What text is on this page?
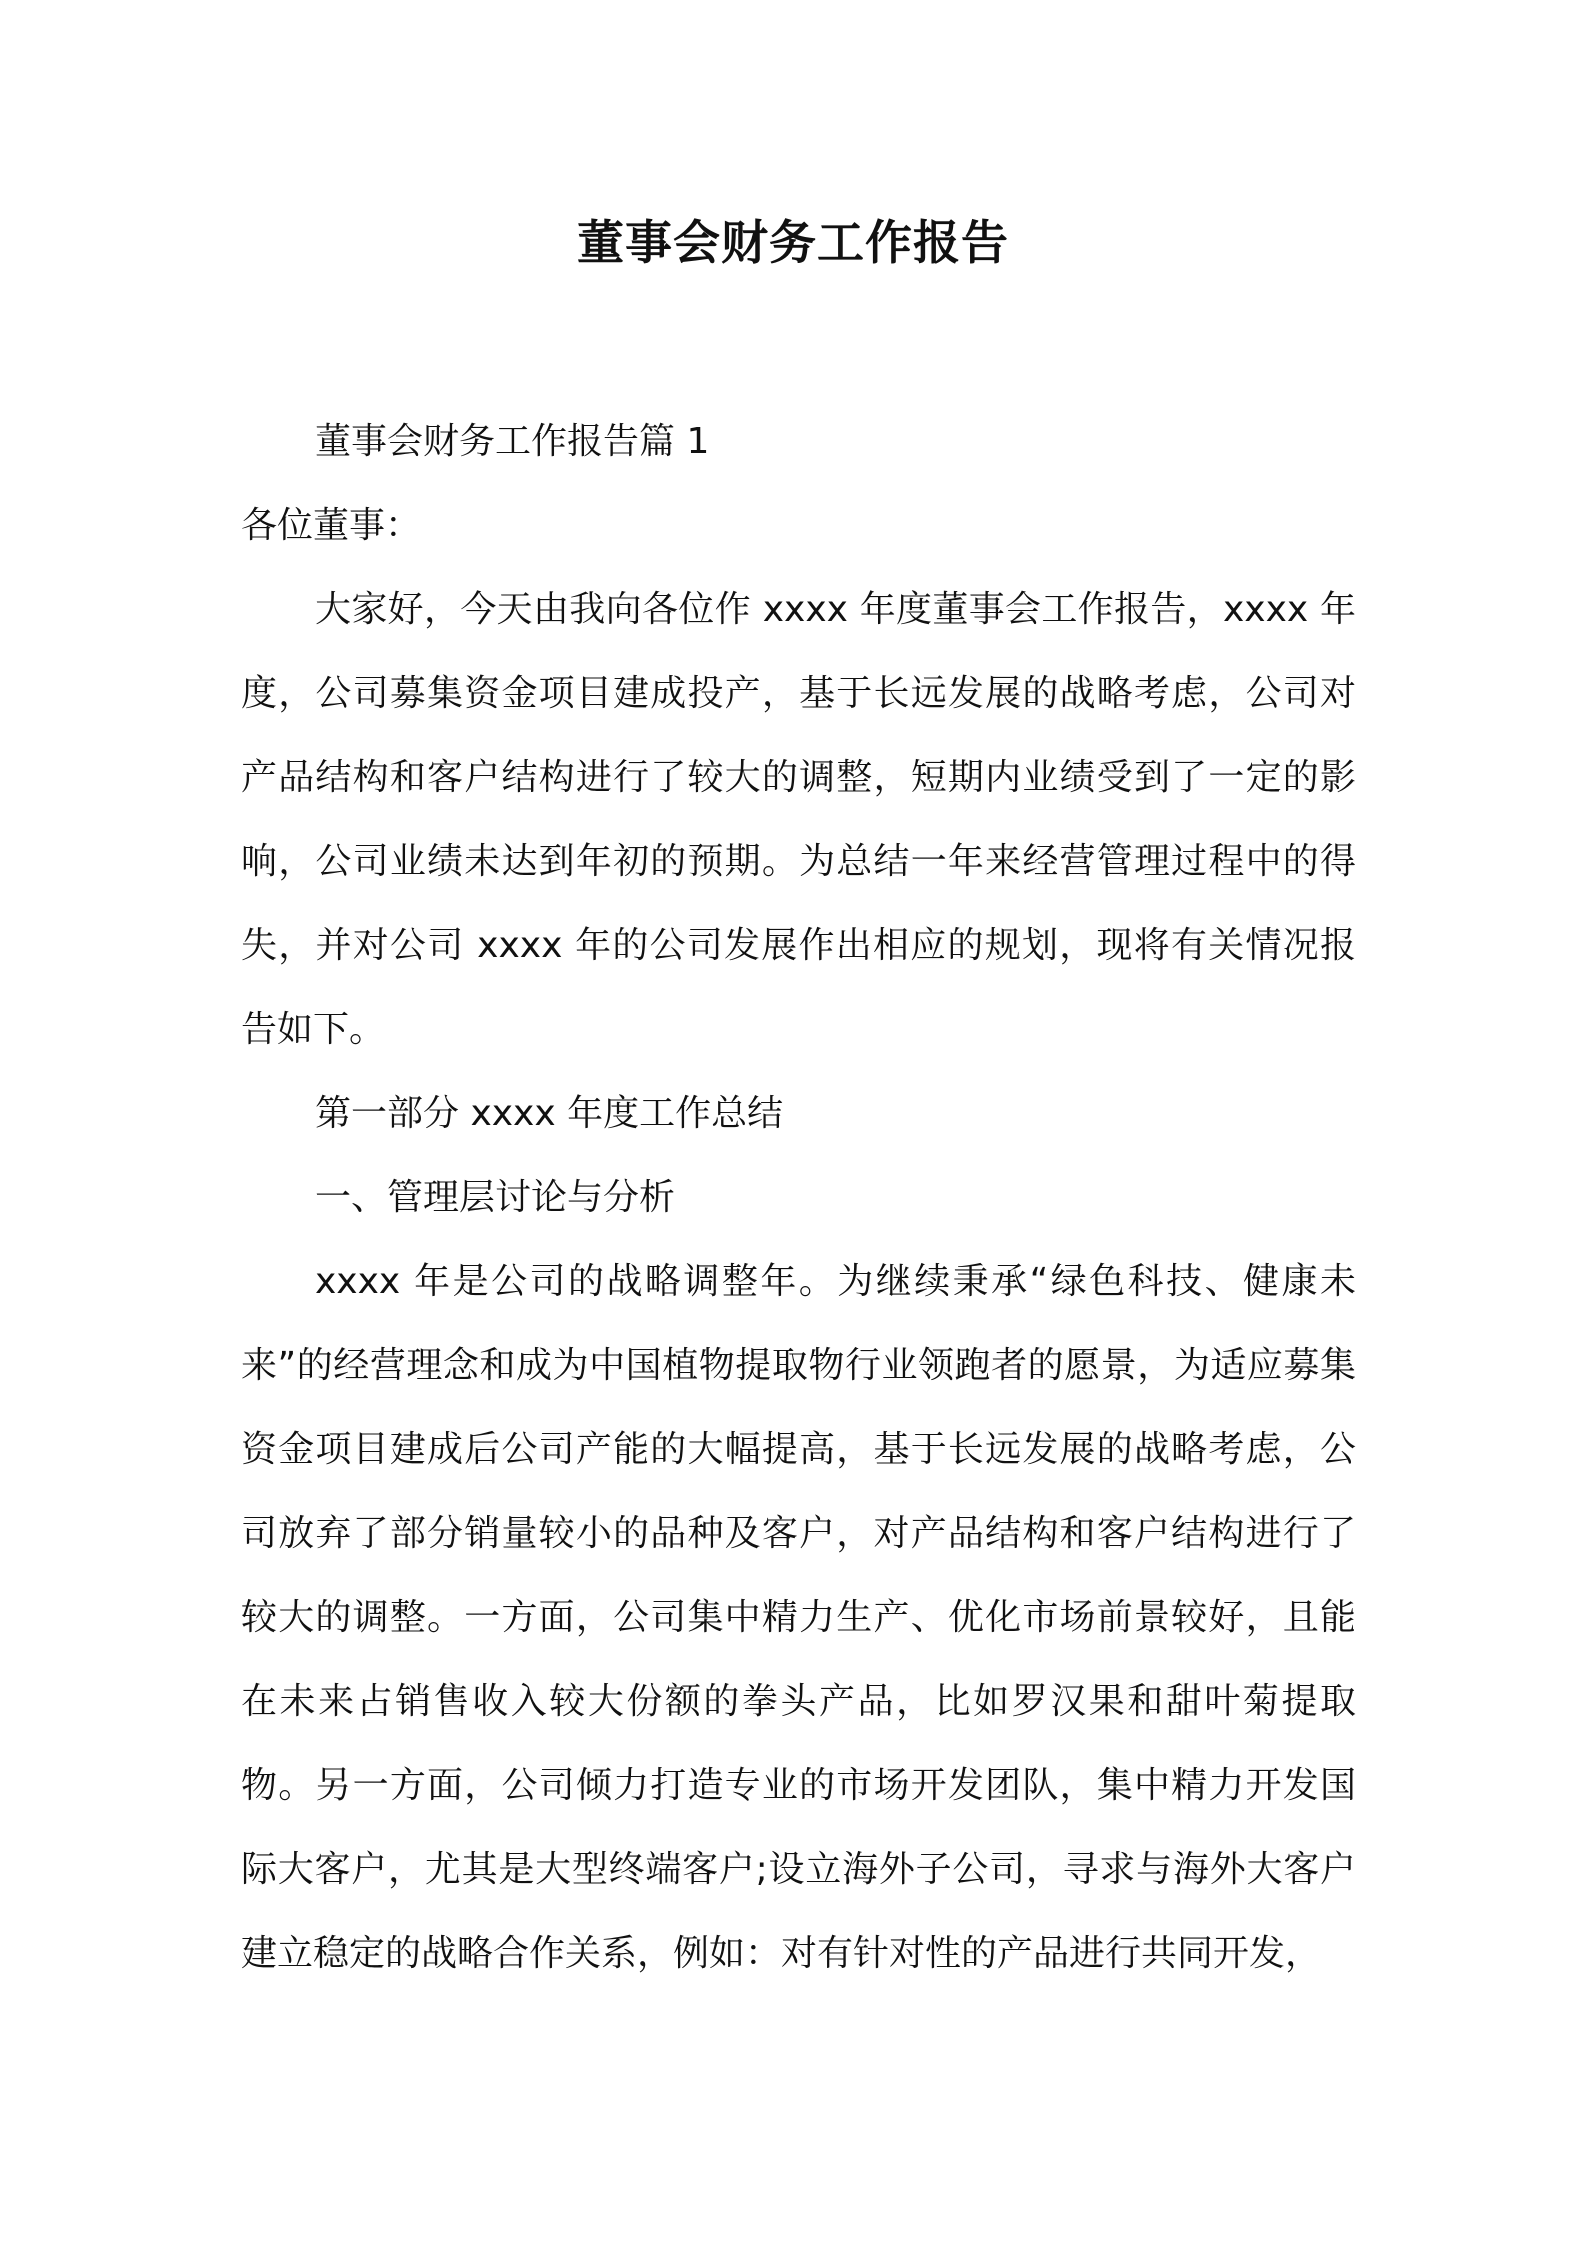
董事会财务工作报告

董事会财务工作报告篇 1

各位董事：

大家好，今天由我向各位作 xxxx 年度董事会工作报告，xxxx 年度，公司募集资金项目建成投产，基于长远发展的战略考虑，公司对产品结构和客户结构进行了较大的调整，短期内业绩受到了一定的影响，公司业绩未达到年初的预期。为总结一年来经营管理过程中的得失，并对公司 xxxx 年的公司发展作出相应的规划，现将有关情况报告如下。

第一部分 xxxx 年度工作总结

一、管理层讨论与分析

xxxx 年是公司的战略调整年。为继续秉承“绿色科技、健康未来”的经营理念和成为中国植物提取物行业领跑者的愿景，为适应募集资金项目建成后公司产能的大幅提高，基于长远发展的战略考虑，公司放弃了部分销量较小的品种及客户，对产品结构和客户结构进行了较大的调整。一方面，公司集中精力生产、优化市场前景较好，且能在未来占销售收入较大份额的拳头产品，比如罗汉果和甜叶菊提取物。另一方面，公司倾力打造专业的市场开发团队，集中精力开发国际大客户，尤其是大型终端客户;设立海外子公司，寻求与海外大客户建立稳定的战略合作关系，例如：对有针对性的产品进行共同开发，
